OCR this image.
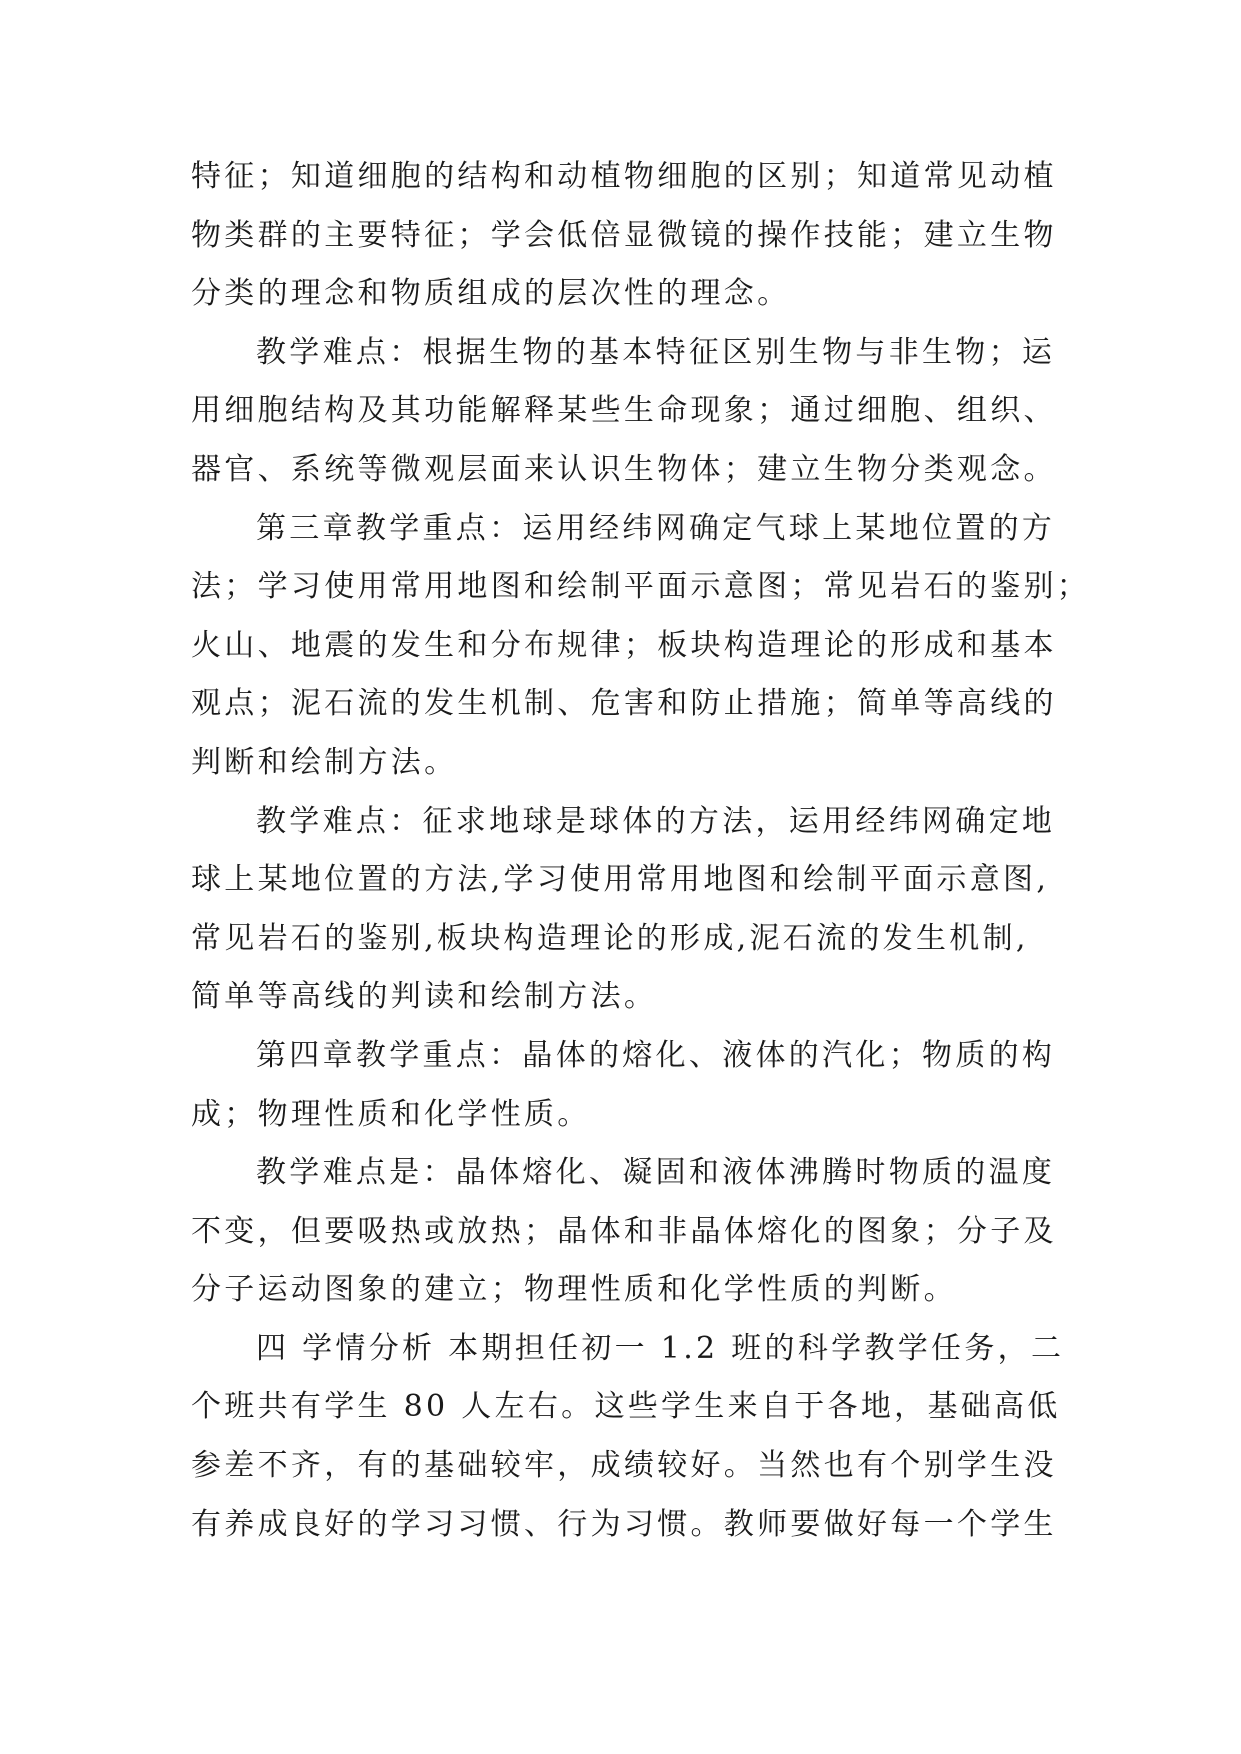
特征；知道细胞的结构和动植物细胞的区别；知道常见动植
物类群的主要特征；学会低倍显微镜的操作技能；建立生物
分类的理念和物质组成的层次性的理念。
教学难点：根据生物的基本特征区别生物与非生物；运
用细胞结构及其功能解释某些生命现象；通过细胞、组织、
器官、系统等微观层面来认识生物体；建立生物分类观念。
第三章教学重点：运用经纬网确定气球上某地位置的方
法；学习使用常用地图和绘制平面示意图；常见岩石的鉴别；
火山、地震的发生和分布规律；板块构造理论的形成和基本
观点；泥石流的发生机制、危害和防止措施；简单等高线的
判断和绘制方法。
教学难点：征求地球是球体的方法，运用经纬网确定地
球上某地位置的方法,学习使用常用地图和绘制平面示意图,
常见岩石的鉴别,板块构造理论的形成,泥石流的发生机制,
简单等高线的判读和绘制方法。
第四章教学重点：晶体的熔化、液体的汽化；物质的构
成；物理性质和化学性质。
教学难点是：晶体熔化、凝固和液体沸腾时物质的温度
不变，但要吸热或放热；晶体和非晶体熔化的图象；分子及
分子运动图象的建立；物理性质和化学性质的判断。
四 学情分析 本期担任初一 1.2 班的科学教学任务，二
个班共有学生 80 人左右。这些学生来自于各地，基础高低
参差不齐，有的基础较牢，成绩较好。当然也有个别学生没
有养成良好的学习习惯、行为习惯。教师要做好每一个学生
